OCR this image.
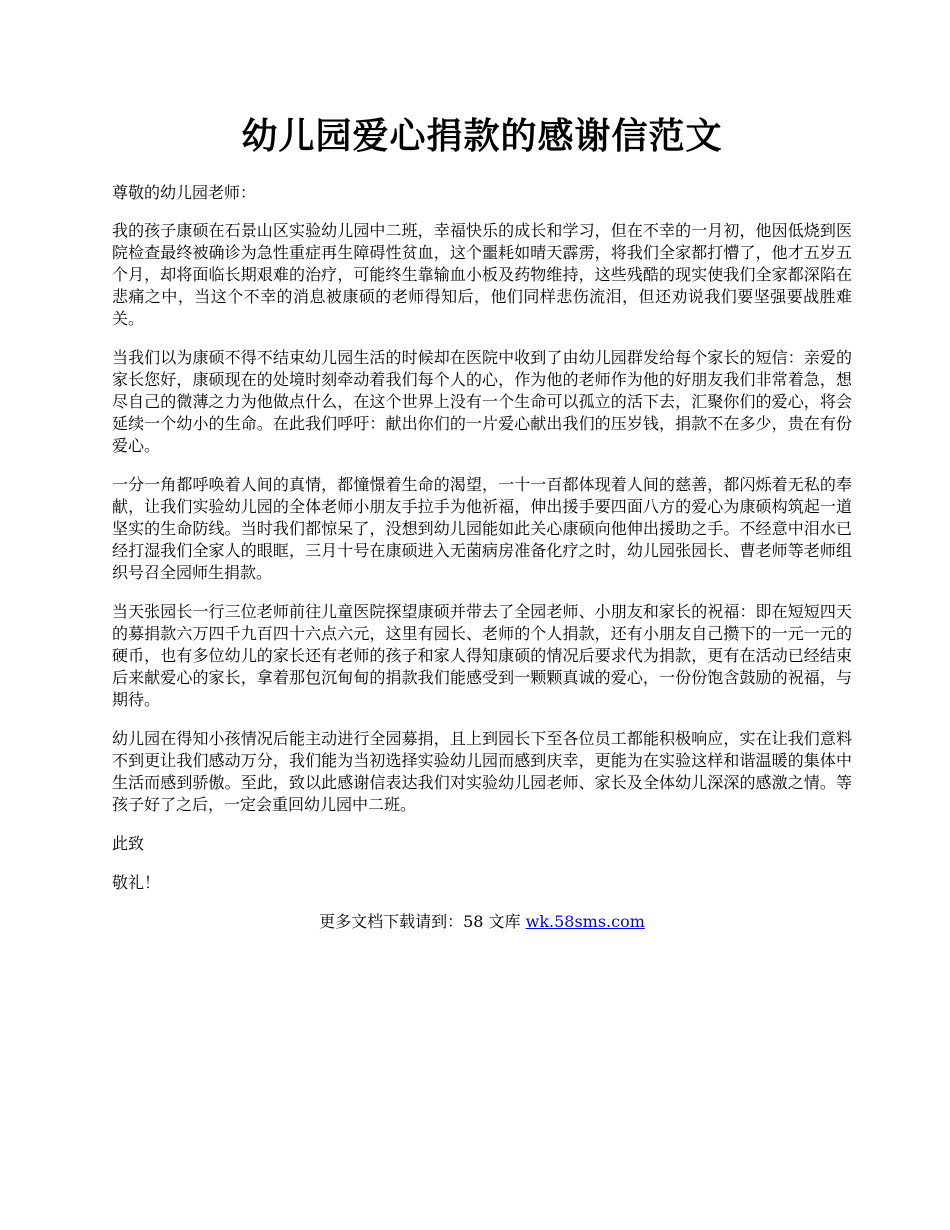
幼儿园爱心捐款的感谢信范文

尊敬的幼儿园老师：

我的孩子康硕在石景山区实验幼儿园中二班，幸福快乐的成长和学习，但在不幸的一月初，他因低烧到医院检查最终被确诊为急性重症再生障碍性贫血，这个噩耗如晴天霹雳，将我们全家都打懵了，他才五岁五个月，却将面临长期艰难的治疗，可能终生靠输血小板及药物维持，这些残酷的现实使我们全家都深陷在悲痛之中，当这个不幸的消息被康硕的老师得知后，他们同样悲伤流泪，但还劝说我们要坚强要战胜难关。

当我们以为康硕不得不结束幼儿园生活的时候却在医院中收到了由幼儿园群发给每个家长的短信：亲爱的家长您好，康硕现在的处境时刻牵动着我们每个人的心，作为他的老师作为他的好朋友我们非常着急，想尽自己的微薄之力为他做点什么，在这个世界上没有一个生命可以孤立的活下去，汇聚你们的爱心，将会延续一个幼小的生命。在此我们呼吁：献出你们的一片爱心献出我们的压岁钱，捐款不在多少，贵在有份爱心。

一分一角都呼唤着人间的真情，都憧憬着生命的渴望，一十一百都体现着人间的慈善，都闪烁着无私的奉献，让我们实验幼儿园的全体老师小朋友手拉手为他祈福，伸出援手要四面八方的爱心为康硕构筑起一道坚实的生命防线。当时我们都惊呆了，没想到幼儿园能如此关心康硕向他伸出援助之手。不经意中泪水已经打湿我们全家人的眼眶，三月十号在康硕进入无菌病房准备化疗之时，幼儿园张园长、曹老师等老师组织号召全园师生捐款。

当天张园长一行三位老师前往儿童医院探望康硕并带去了全园老师、小朋友和家长的祝福：即在短短四天的募捐款六万四千九百四十六点六元，这里有园长、老师的个人捐款，还有小朋友自己攒下的一元一元的硬币，也有多位幼儿的家长还有老师的孩子和家人得知康硕的情况后要求代为捐款，更有在活动已经结束后来献爱心的家长，拿着那包沉甸甸的捐款我们能感受到一颗颗真诚的爱心，一份份饱含鼓励的祝福，与期待。

幼儿园在得知小孩情况后能主动进行全园募捐，且上到园长下至各位员工都能积极响应，实在让我们意料不到更让我们感动万分，我们能为当初选择实验幼儿园而感到庆幸，更能为在实验这样和谐温暖的集体中生活而感到骄傲。至此，致以此感谢信表达我们对实验幼儿园老师、家长及全体幼儿深深的感激之情。等孩子好了之后，一定会重回幼儿园中二班。

此致

敬礼！

更多文档下载请到：58 文库 wk.58sms.com
